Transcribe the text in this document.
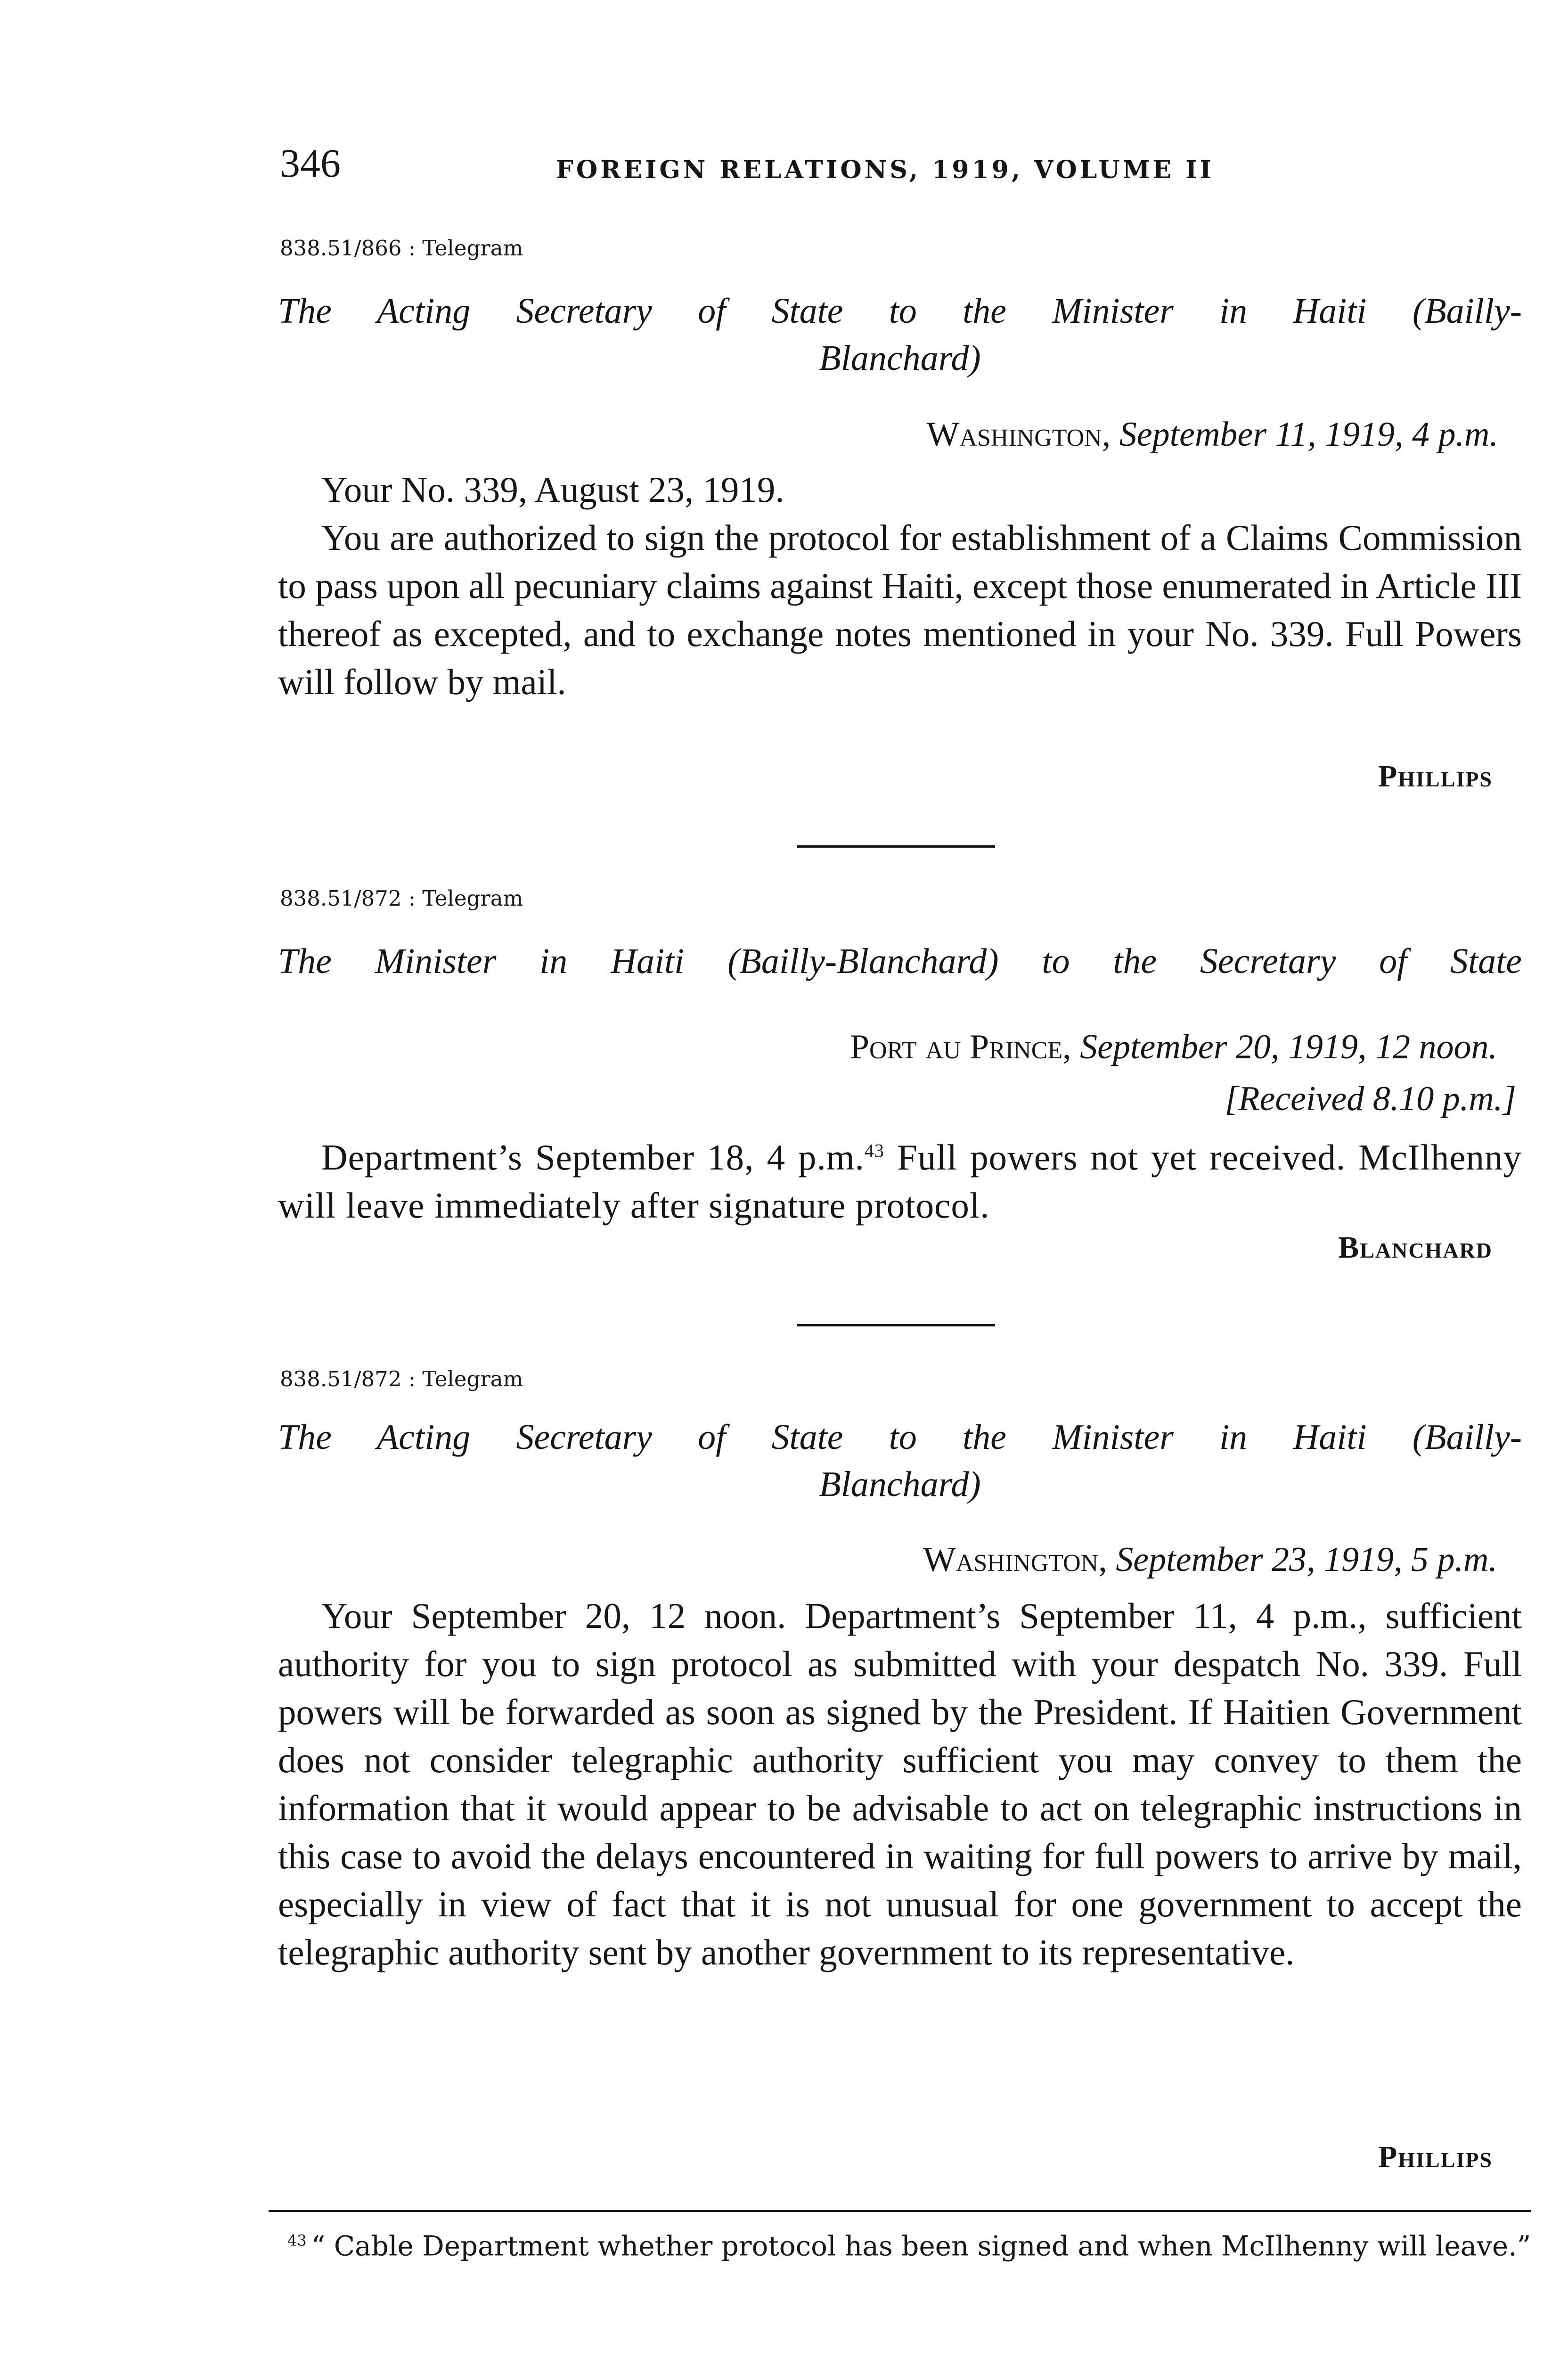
346	FOREIGN RELATIONS, 1919, VOLUME II
838.51/866 : Telegram
The Acting Secretary of State to the Minister in Haiti (Bailly-
Blanchard)
Washington, September 11, 1919, 4 p.m.

Your No. 339, August 23, 1919.

You are authorized to sign the protocol for establishment of a Claims Commission to pass upon all pecuniary claims against Haiti, except those enumerated in Article III thereof as excepted, and to exchange notes mentioned in your No. 339. Full Powers will follow by mail.

Phillips
838.51/872 : Telegram
The Minister in Haiti (Bailly-Blanchard) to the Secretary of State
Port au Prince, September 20, 1919, 12 noon.
[Received 8.10 p.m.]

Department’s September 18, 4 p.m.$^{43}$ Full powers not yet received. McIlhenny will leave immediately after signature protocol.

Blanchard
838.51/872 : Telegram
The Acting Secretary of State to the Minister in Haiti (Bailly-
Blanchard)
Washington, September 23, 1919, 5 p.m.

Your September 20, 12 noon. Department’s September 11, 4 p.m., sufficient authority for you to sign protocol as submitted with your despatch No. 339. Full powers will be forwarded as soon as signed by the President. If Haitien Government does not consider telegraphic authority sufficient you may convey to them the information that it would appear to be advisable to act on telegraphic instructions in this case to avoid the delays encountered in waiting for full powers to arrive by mail, especially in view of fact that it is not unusual for one government to accept the telegraphic authority sent by another government to its representative.

Phillips
$^{43}$ “ Cable Department whether protocol has been signed and when McIlhenny will leave.”
